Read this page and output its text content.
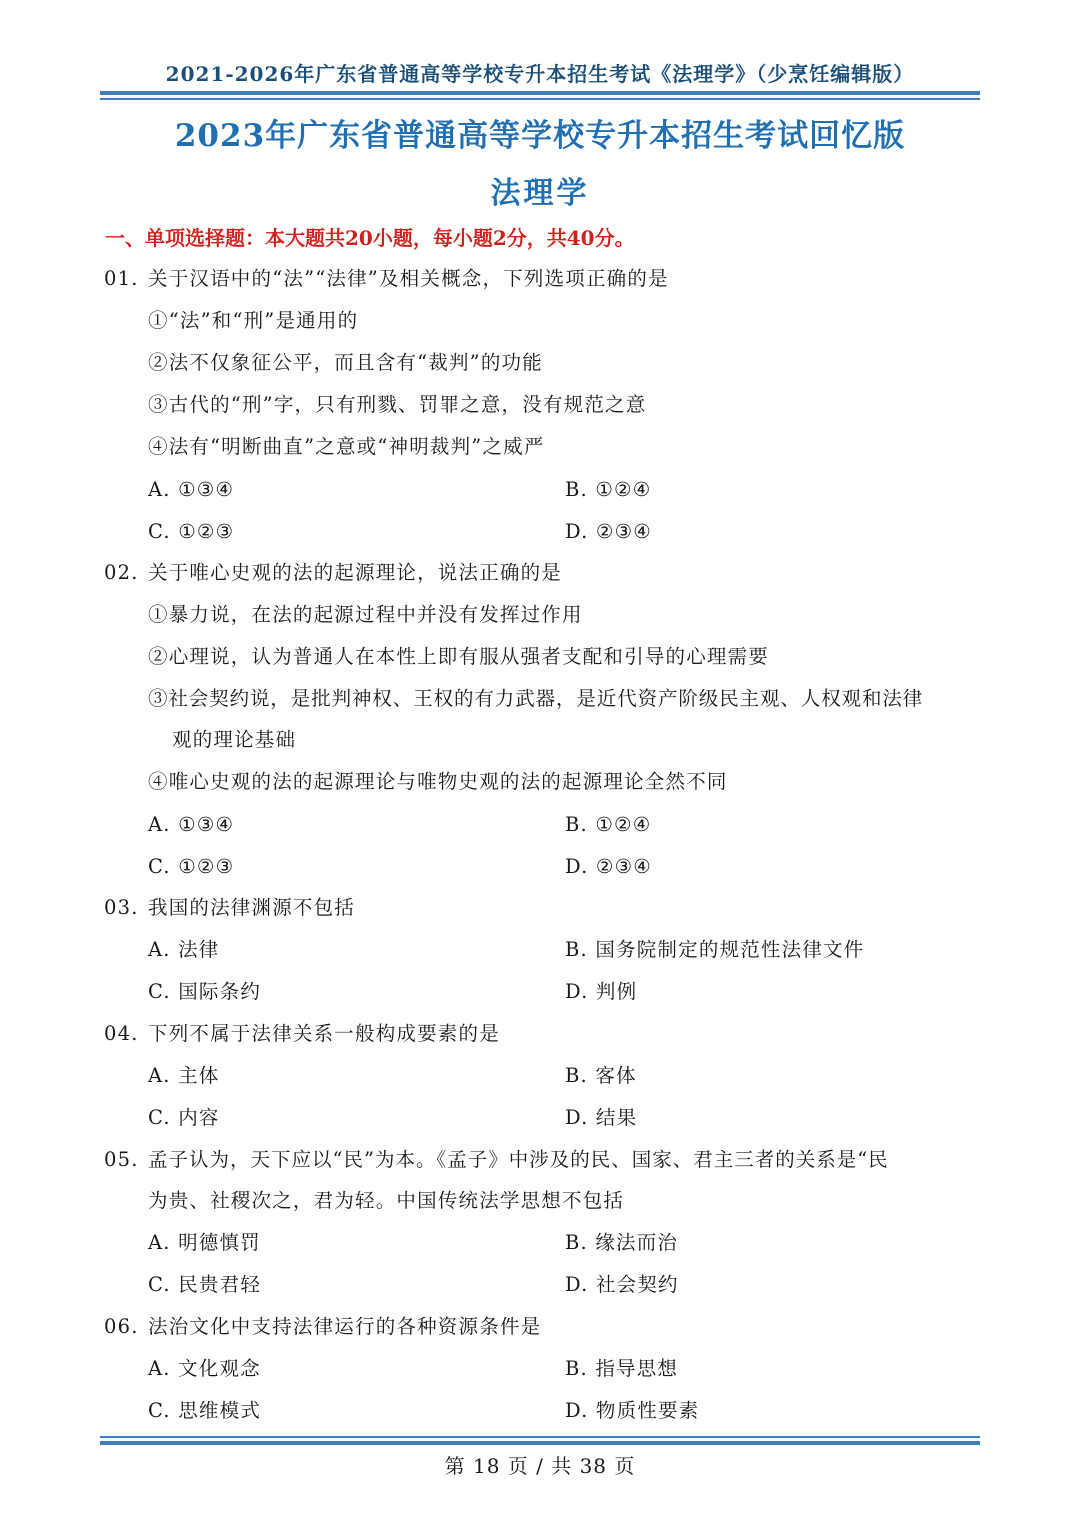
2021-2026年广东省普通高等学校专升本招生考试《法理学》（少烹饪编辑版）
2023年广东省普通高等学校专升本招生考试回忆版
法理学
一、单项选择题：本大题共20小题，每小题2分，共40分。
01. 关于汉语中的“法”“法律”及相关概念，下列选项正确的是
①“法”和“刑”是通用的
②法不仅象征公平，而且含有“裁判”的功能
③古代的“刑”字，只有刑戮、罚罪之意，没有规范之意
④法有“明断曲直”之意或“神明裁判”之威严
A. ①③④	B. ①②④
C. ①②③	D. ②③④
02. 关于唯心史观的法的起源理论，说法正确的是
①暴力说，在法的起源过程中并没有发挥过作用
②心理说，认为普通人在本性上即有服从强者支配和引导的心理需要
③社会契约说，是批判神权、王权的有力武器，是近代资产阶级民主观、人权观和法律
观的理论基础
④唯心史观的法的起源理论与唯物史观的法的起源理论全然不同
A. ①③④	B. ①②④
C. ①②③	D. ②③④
03. 我国的法律渊源不包括
A. 法律	B. 国务院制定的规范性法律文件
C. 国际条约	D. 判例
04. 下列不属于法律关系一般构成要素的是
A. 主体	B. 客体
C. 内容	D. 结果
05. 孟子认为，天下应以“民”为本。《孟子》中涉及的民、国家、君主三者的关系是“民
为贵、社稷次之，君为轻。中国传统法学思想不包括
A. 明德慎罚	B. 缘法而治
C. 民贵君轻	D. 社会契约
06. 法治文化中支持法律运行的各种资源条件是
A. 文化观念	B. 指导思想
C. 思维模式	D. 物质性要素
第 18 页 / 共 38 页
